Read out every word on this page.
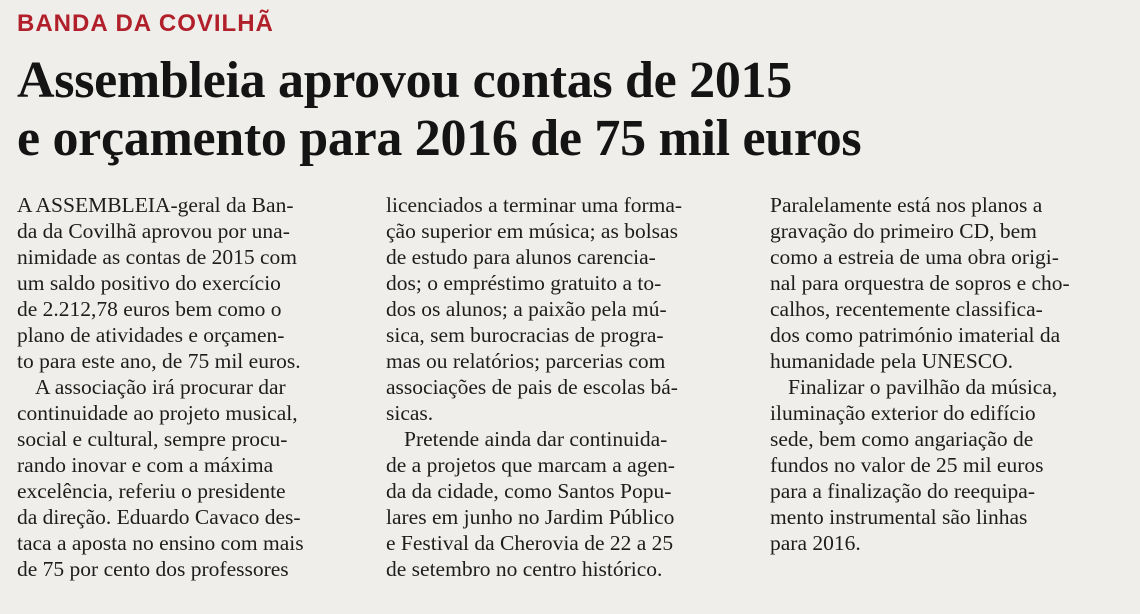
BANDA DA COVILHÃ
Assembleia aprovou contas de 2015
e orçamento para 2016 de 75 mil euros

A ASSEMBLEIA-geral da Ban-

da da Covilhã aprovou por una-

nimidade as contas de 2015 com

um saldo positivo do exercício

de 2.212,78 euros bem como o

plano de atividades e orçamen-

to para este ano, de 75 mil euros.

A associação irá procurar dar

continuidade ao projeto musical,

social e cultural, sempre procu-

rando inovar e com a máxima

excelência, referiu o presidente

da direção. Eduardo Cavaco des-

taca a aposta no ensino com mais

de 75 por cento dos professores

licenciados a terminar uma forma-

ção superior em música; as bolsas

de estudo para alunos carencia-

dos; o empréstimo gratuito a to-

dos os alunos; a paixão pela mú-

sica, sem burocracias de progra-

mas ou relatórios; parcerias com

associações de pais de escolas bá-

sicas.

Pretende ainda dar continuida-

de a projetos que marcam a agen-

da da cidade, como Santos Popu-

lares em junho no Jardim Público

e Festival da Cherovia de 22 a 25

de setembro no centro histórico.

Paralelamente está nos planos a

gravação do primeiro CD, bem

como a estreia de uma obra origi-

nal para orquestra de sopros e cho-

calhos, recentemente classifica-

dos como património imaterial da

humanidade pela UNESCO.

Finalizar o pavilhão da música,

iluminação exterior do edifício

sede, bem como angariação de

fundos no valor de 25 mil euros

para a finalização do reequipa-

mento instrumental são linhas

para 2016.
